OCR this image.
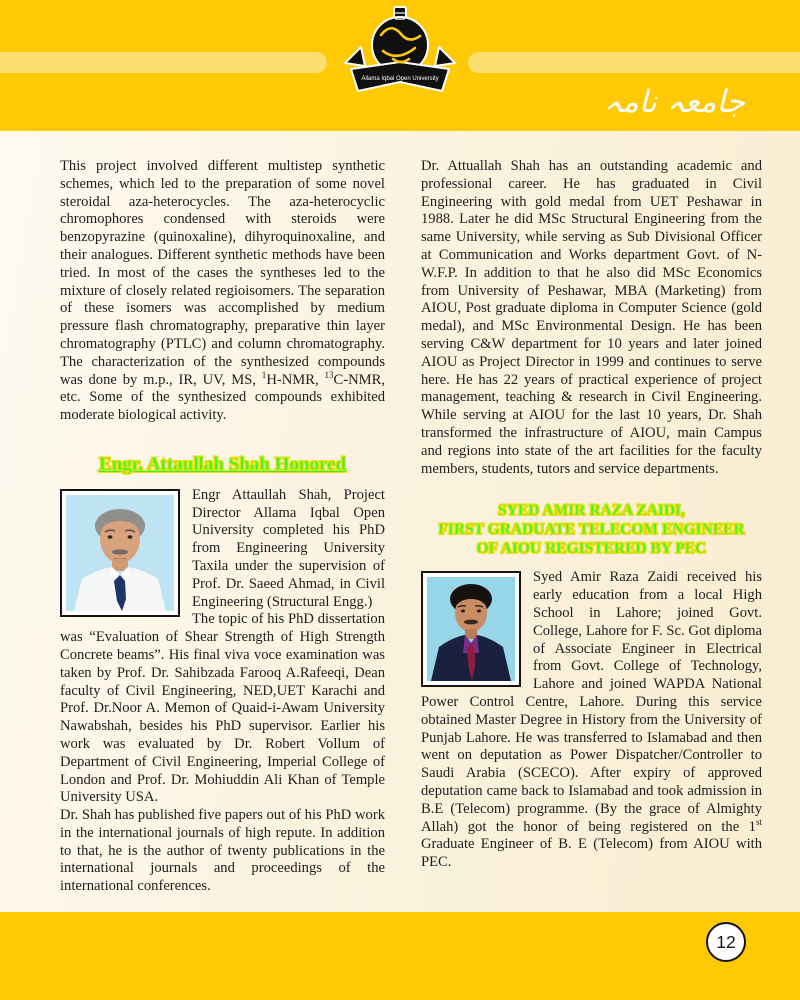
Allama Iqbal Open University
جامعہ نامہ

This project involved different multistep synthetic schemes, which led to the preparation of some novel steroidal aza-heterocycles. The aza-heterocyclic chromophores condensed with steroids were benzopyrazine (quinoxaline), dihyroquinoxaline, and their analogues. Different synthetic methods have been tried. In most of the cases the syntheses led to the mixture of closely related regioisomers. The separation of these isomers was accomplished by medium pressure flash chromatography, preparative thin layer chromatography (PTLC) and column chromatography. The characterization of the synthesized compounds was done by m.p., IR, UV, MS, $^1$H-NMR, $^{13}$C-NMR, etc. Some of the synthesized compounds exhibited moderate biological activity.

Engr. Attaullah Shah Honored

Engr Attaullah Shah, Project Director Allama Iqbal Open University completed his PhD from Engineering University Taxila under the supervision of Prof. Dr. Saeed Ahmad, in Civil Engineering (Structural Engg.)

The topic of his PhD dissertation was “Evaluation of Shear Strength of High Strength Concrete beams”. His final viva voce examination was taken by Prof. Dr. Sahibzada Farooq A.Rafeeqi, Dean faculty of Civil Engineering, NED,UET Karachi and Prof. Dr.Noor A. Memon of Quaid-i-Awam University Nawabshah, besides his PhD supervisor. Earlier his work was evaluated by Dr. Robert Vollum of Department of Civil Engineering, Imperial College of London and Prof. Dr. Mohiuddin Ali Khan of Temple University USA.

Dr. Shah has published five papers out of his PhD work in the international journals of high repute. In addition to that, he is the author of twenty publications in the international journals and proceedings of the international conferences.

Dr. Attuallah Shah has an outstanding academic and professional career. He has graduated in Civil Engineering with gold medal from UET Peshawar in 1988. Later he did MSc Structural Engineering from the same University, while serving as Sub Divisional Officer at Communication and Works department Govt. of N-W.F.P. In addition to that he also did MSc Economics from University of Peshawar, MBA (Marketing) from AIOU, Post graduate diploma in Computer Science (gold medal), and MSc Environmental Design. He has been serving C&W department for 10 years and later joined AIOU as Project Director in 1999 and continues to serve here. He has 22 years of practical experience of project management, teaching & research in Civil Engineering. While serving at AIOU for the last 10 years, Dr. Shah transformed the infrastructure of AIOU, main Campus and regions into state of the art facilities for the faculty members, students, tutors and service departments.

SYED AMIR RAZA ZAIDI,
FIRST GRADUATE TELECOM ENGINEER
OF AIOU REGISTERED BY PEC

Syed Amir Raza Zaidi received his early education from a local High School in Lahore; joined Govt. College, Lahore for F. Sc. Got diploma of Associate Engineer in Electrical from Govt. College of Technology, Lahore and joined WAPDA National Power Control Centre, Lahore. During this service obtained Master Degree in History from the University of Punjab Lahore. He was transferred to Islamabad and then went on deputation as Power Dispatcher/Controller to Saudi Arabia (SCECO). After expiry of approved deputation came back to Islamabad and took admission in B.E (Telecom) programme. (By the grace of Almighty Allah) got the honor of being registered on the 1st Graduate Engineer of B. E (Telecom) from AIOU with PEC.

12
